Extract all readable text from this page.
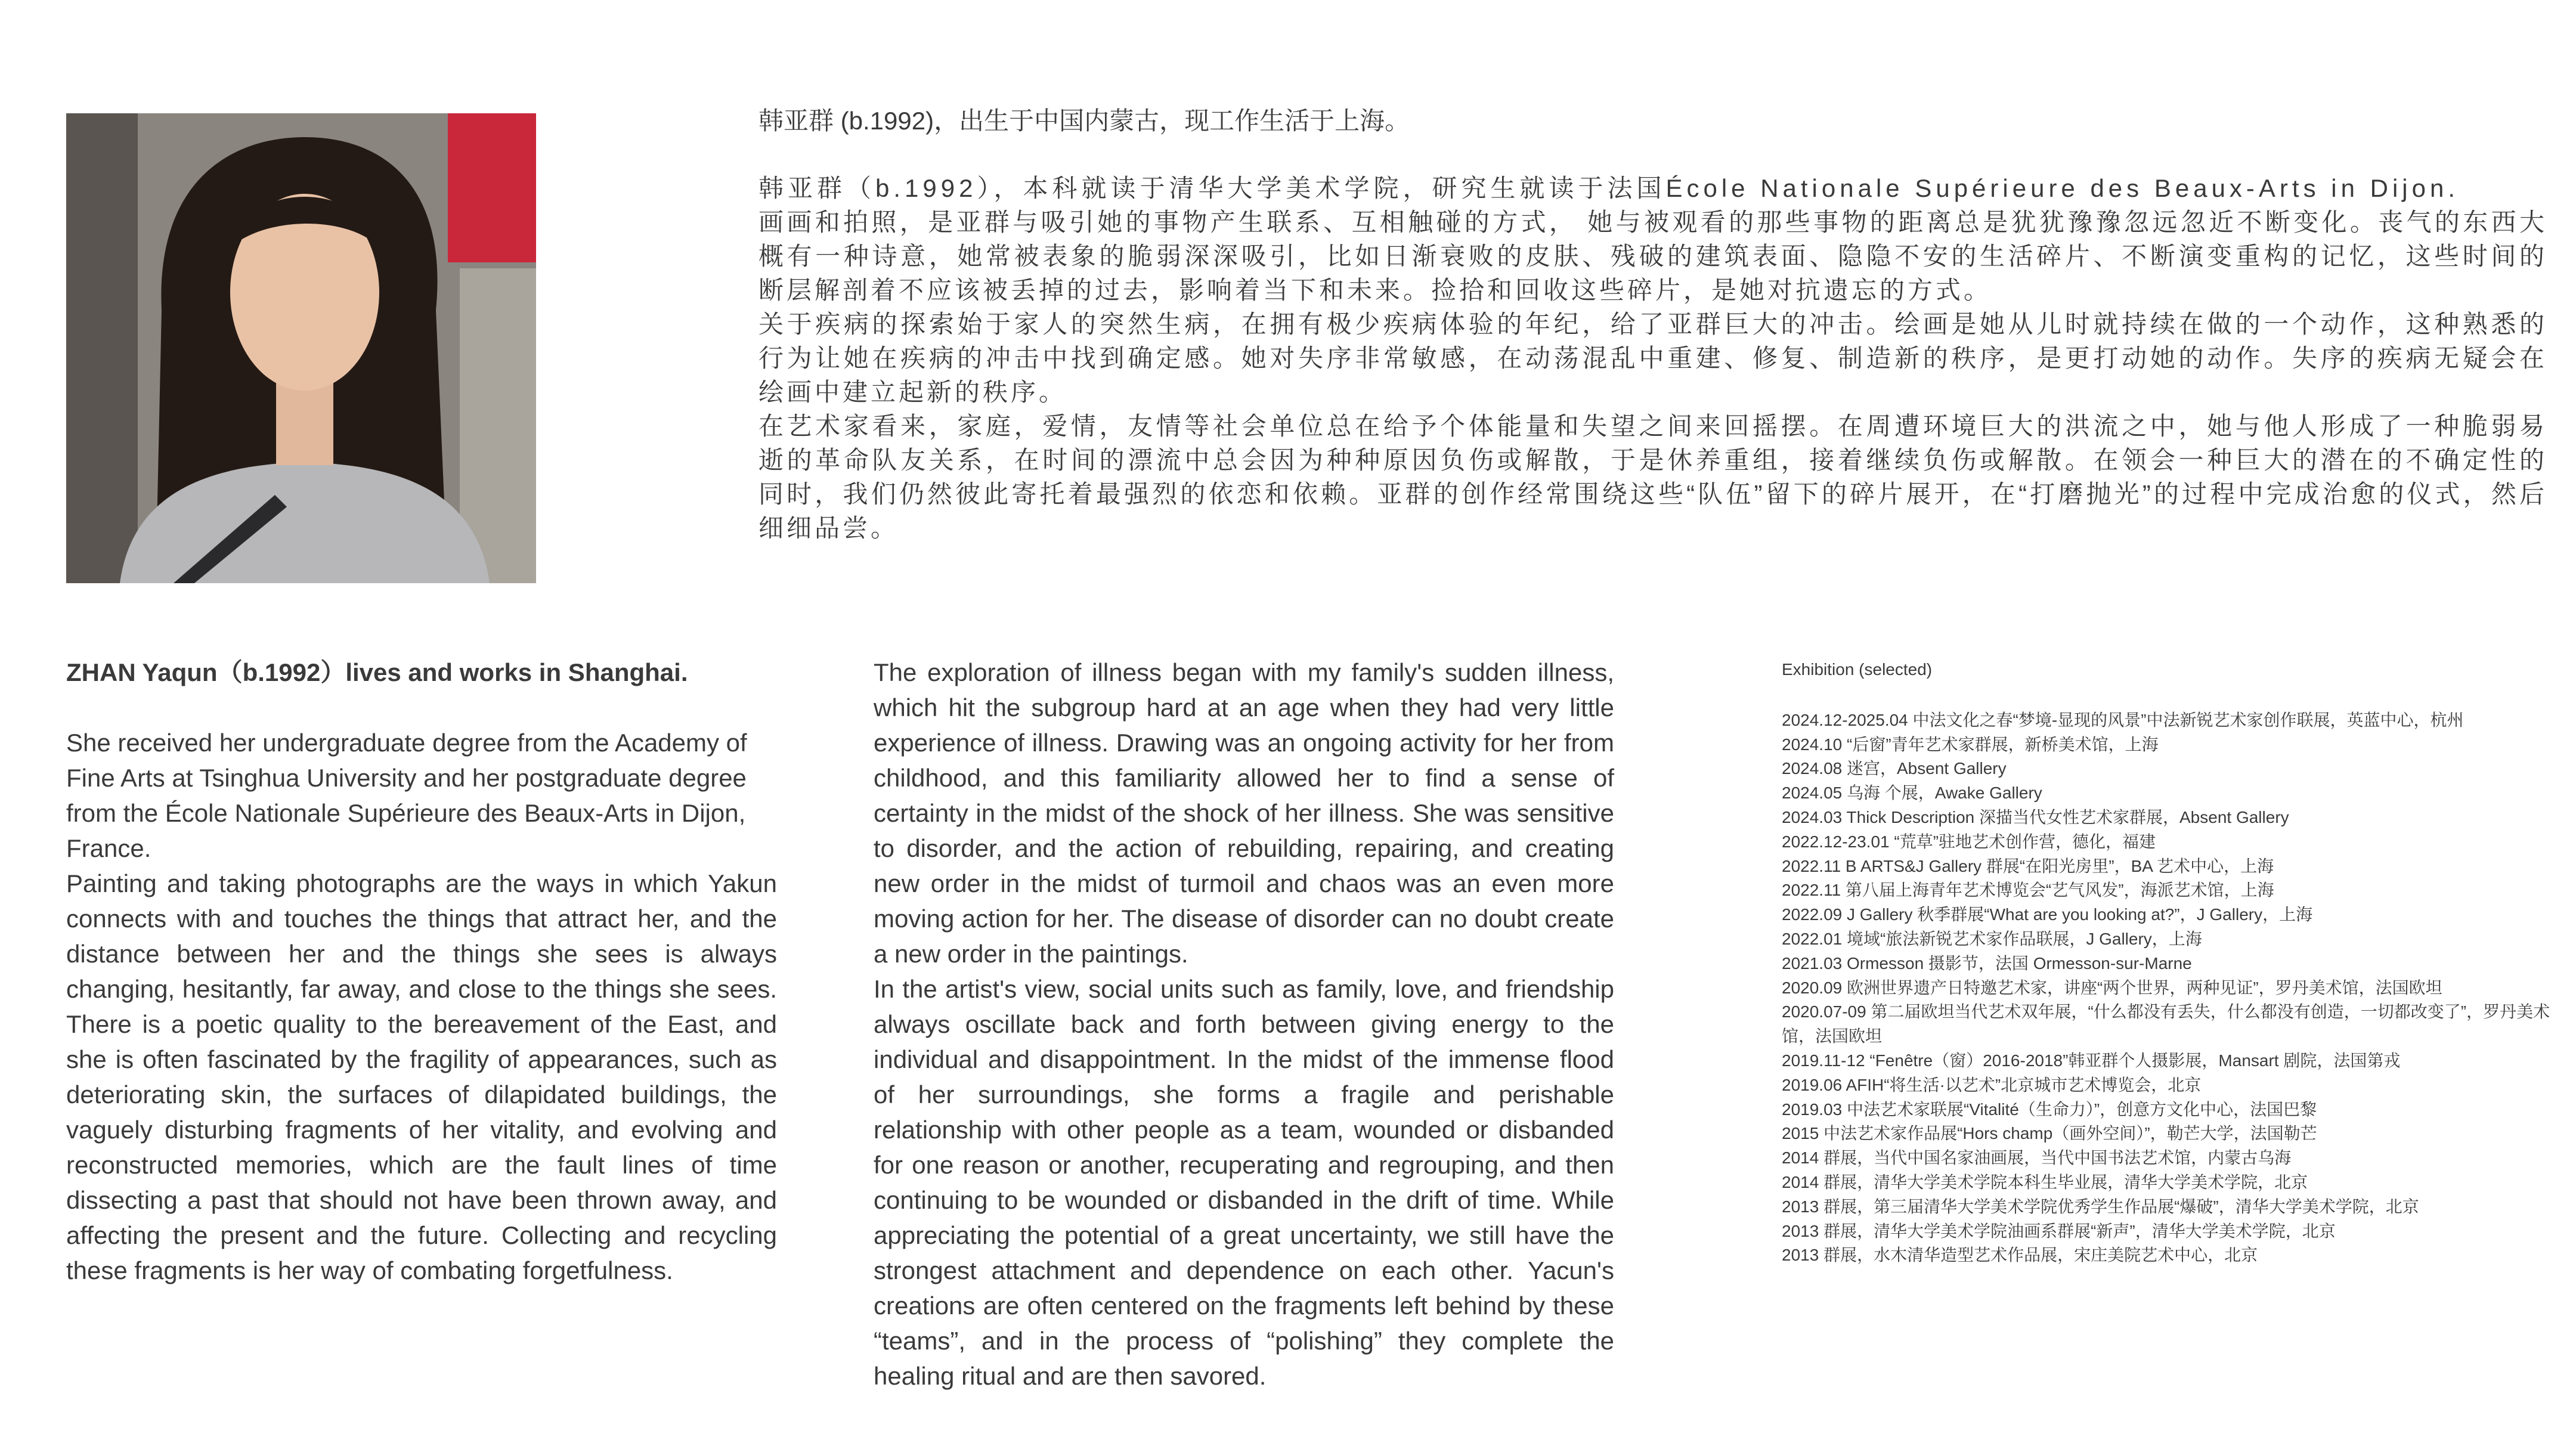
韩亚群 (b.1992)，出生于中国内蒙古，现工作生活于上海。
韩亚群（b.1992），本科就读于清华大学美术学院，研究生就读于法国École Nationale Supérieure des Beaux-Arts in Dijon.
画画和拍照，是亚群与吸引她的事物产生联系、互相触碰的方式， 她与被观看的那些事物的距离总是犹犹豫豫忽远忽近不断变化。丧气的东西大概有一种诗意，她常被表象的脆弱深深吸引，比如日渐衰败的皮肤、残破的建筑表面、隐隐不安的生活碎片、不断演变重构的记忆，这些时间的断层解剖着不应该被丢掉的过去，影响着当下和未来。捡拾和回收这些碎片，是她对抗遗忘的方式。
关于疾病的探索始于家人的突然生病，在拥有极少疾病体验的年纪，给了亚群巨大的冲击。绘画是她从儿时就持续在做的一个动作，这种熟悉的行为让她在疾病的冲击中找到确定感。她对失序非常敏感，在动荡混乱中重建、修复、制造新的秩序，是更打动她的动作。失序的疾病无疑会在绘画中建立起新的秩序。
在艺术家看来，家庭，爱情，友情等社会单位总在给予个体能量和失望之间来回摇摆。在周遭环境巨大的洪流之中，她与他人形成了一种脆弱易逝的革命队友关系，在时间的漂流中总会因为种种原因负伤或解散，于是休养重组，接着继续负伤或解散。在领会一种巨大的潜在的不确定性的同时，我们仍然彼此寄托着最强烈的依恋和依赖。亚群的创作经常围绕这些“队伍”留下的碎片展开，在“打磨抛光”的过程中完成治愈的仪式，然后细细品尝。
ZHAN Yaqun（b.1992）lives and works in Shanghai.

She received her undergraduate degree from the Academy of Fine Arts at Tsinghua University and her postgraduate degree from the École Nationale Supérieure des Beaux-Arts in Dijon, France.

Painting and taking photographs are the ways in which Yakun connects with and touches the things that attract her, and the distance between her and the things she sees is always changing, hesitantly, far away, and close to the things she sees. There is a poetic quality to the bereavement of the East, and she is often fascinated by the fragility of appearances, such as deteriorating skin, the surfaces of dilapidated buildings, the vaguely disturbing fragments of her vitality, and evolving and reconstructed memories, which are the fault lines of time dissecting a past that should not have been thrown away, and affecting the present and the future. Collecting and recycling these fragments is her way of combating forgetfulness.

The exploration of illness began with my family's sudden illness, which hit the subgroup hard at an age when they had very little experience of illness. Drawing was an ongoing activity for her from childhood, and this familiarity allowed her to find a sense of certainty in the midst of the shock of her illness. She was sensitive to disorder, and the action of rebuilding, repairing, and creating new order in the midst of turmoil and chaos was an even more moving action for her. The disease of disorder can no doubt create a new order in the paintings.

In the artist's view, social units such as family, love, and friendship always oscillate back and forth between giving energy to the individual and disappointment. In the midst of the immense flood of her surroundings, she forms a fragile and perishable relationship with other people as a team, wounded or disbanded for one reason or another, recuperating and regrouping, and then continuing to be wounded or disbanded in the drift of time. While appreciating the potential of a great uncertainty, we still have the strongest attachment and dependence on each other. Yacun's creations are often centered on the fragments left behind by these “teams”, and in the process of “polishing” they complete the healing ritual and are then savored.

Exhibition (selected)
2024.12-2025.04 中法文化之春“梦境-显现的风景”中法新锐艺术家创作联展，英蓝中心，杭州
2024.10 “后窗”青年艺术家群展，新桥美术馆，上海
2024.08 迷宫，Absent Gallery
2024.05 乌海 个展，Awake Gallery
2024.03 Thick Description 深描当代女性艺术家群展，Absent Gallery
2022.12-23.01 “荒草”驻地艺术创作营，德化，福建
2022.11 B ARTS&J Gallery 群展“在阳光房里”，BA 艺术中心，上海
2022.11 第八届上海青年艺术博览会“艺气风发”，海派艺术馆，上海
2022.09 J Gallery 秋季群展“What are you looking at?”，J Gallery，上海
2022.01 境域“旅法新锐艺术家作品联展，J Gallery，上海
2021.03 Ormesson 摄影节，法国 Ormesson-sur-Marne
2020.09 欧洲世界遗产日特邀艺术家，讲座“两个世界，两种见证”，罗丹美术馆，法国欧坦
2020.07-09 第二届欧坦当代艺术双年展，“什么都没有丢失，什么都没有创造，一切都改变了”，罗丹美术馆，法国欧坦
2019.11-12 “Fenêtre（窗）2016-2018”韩亚群个人摄影展，Mansart 剧院，法国第戎
2019.06 AFIH“将生活·以艺术”北京城市艺术博览会，北京
2019.03 中法艺术家联展“Vitalité（生命力）”，创意方文化中心，法国巴黎
2015 中法艺术家作品展“Hors champ（画外空间）”，勒芒大学，法国勒芒
2014 群展，当代中国名家油画展，当代中国书法艺术馆，内蒙古乌海
2014 群展，清华大学美术学院本科生毕业展，清华大学美术学院，北京
2013 群展，第三届清华大学美术学院优秀学生作品展“爆破”，清华大学美术学院，北京
2013 群展，清华大学美术学院油画系群展“新声”，清华大学美术学院，北京
2013 群展，水木清华造型艺术作品展，宋庄美院艺术中心，北京
